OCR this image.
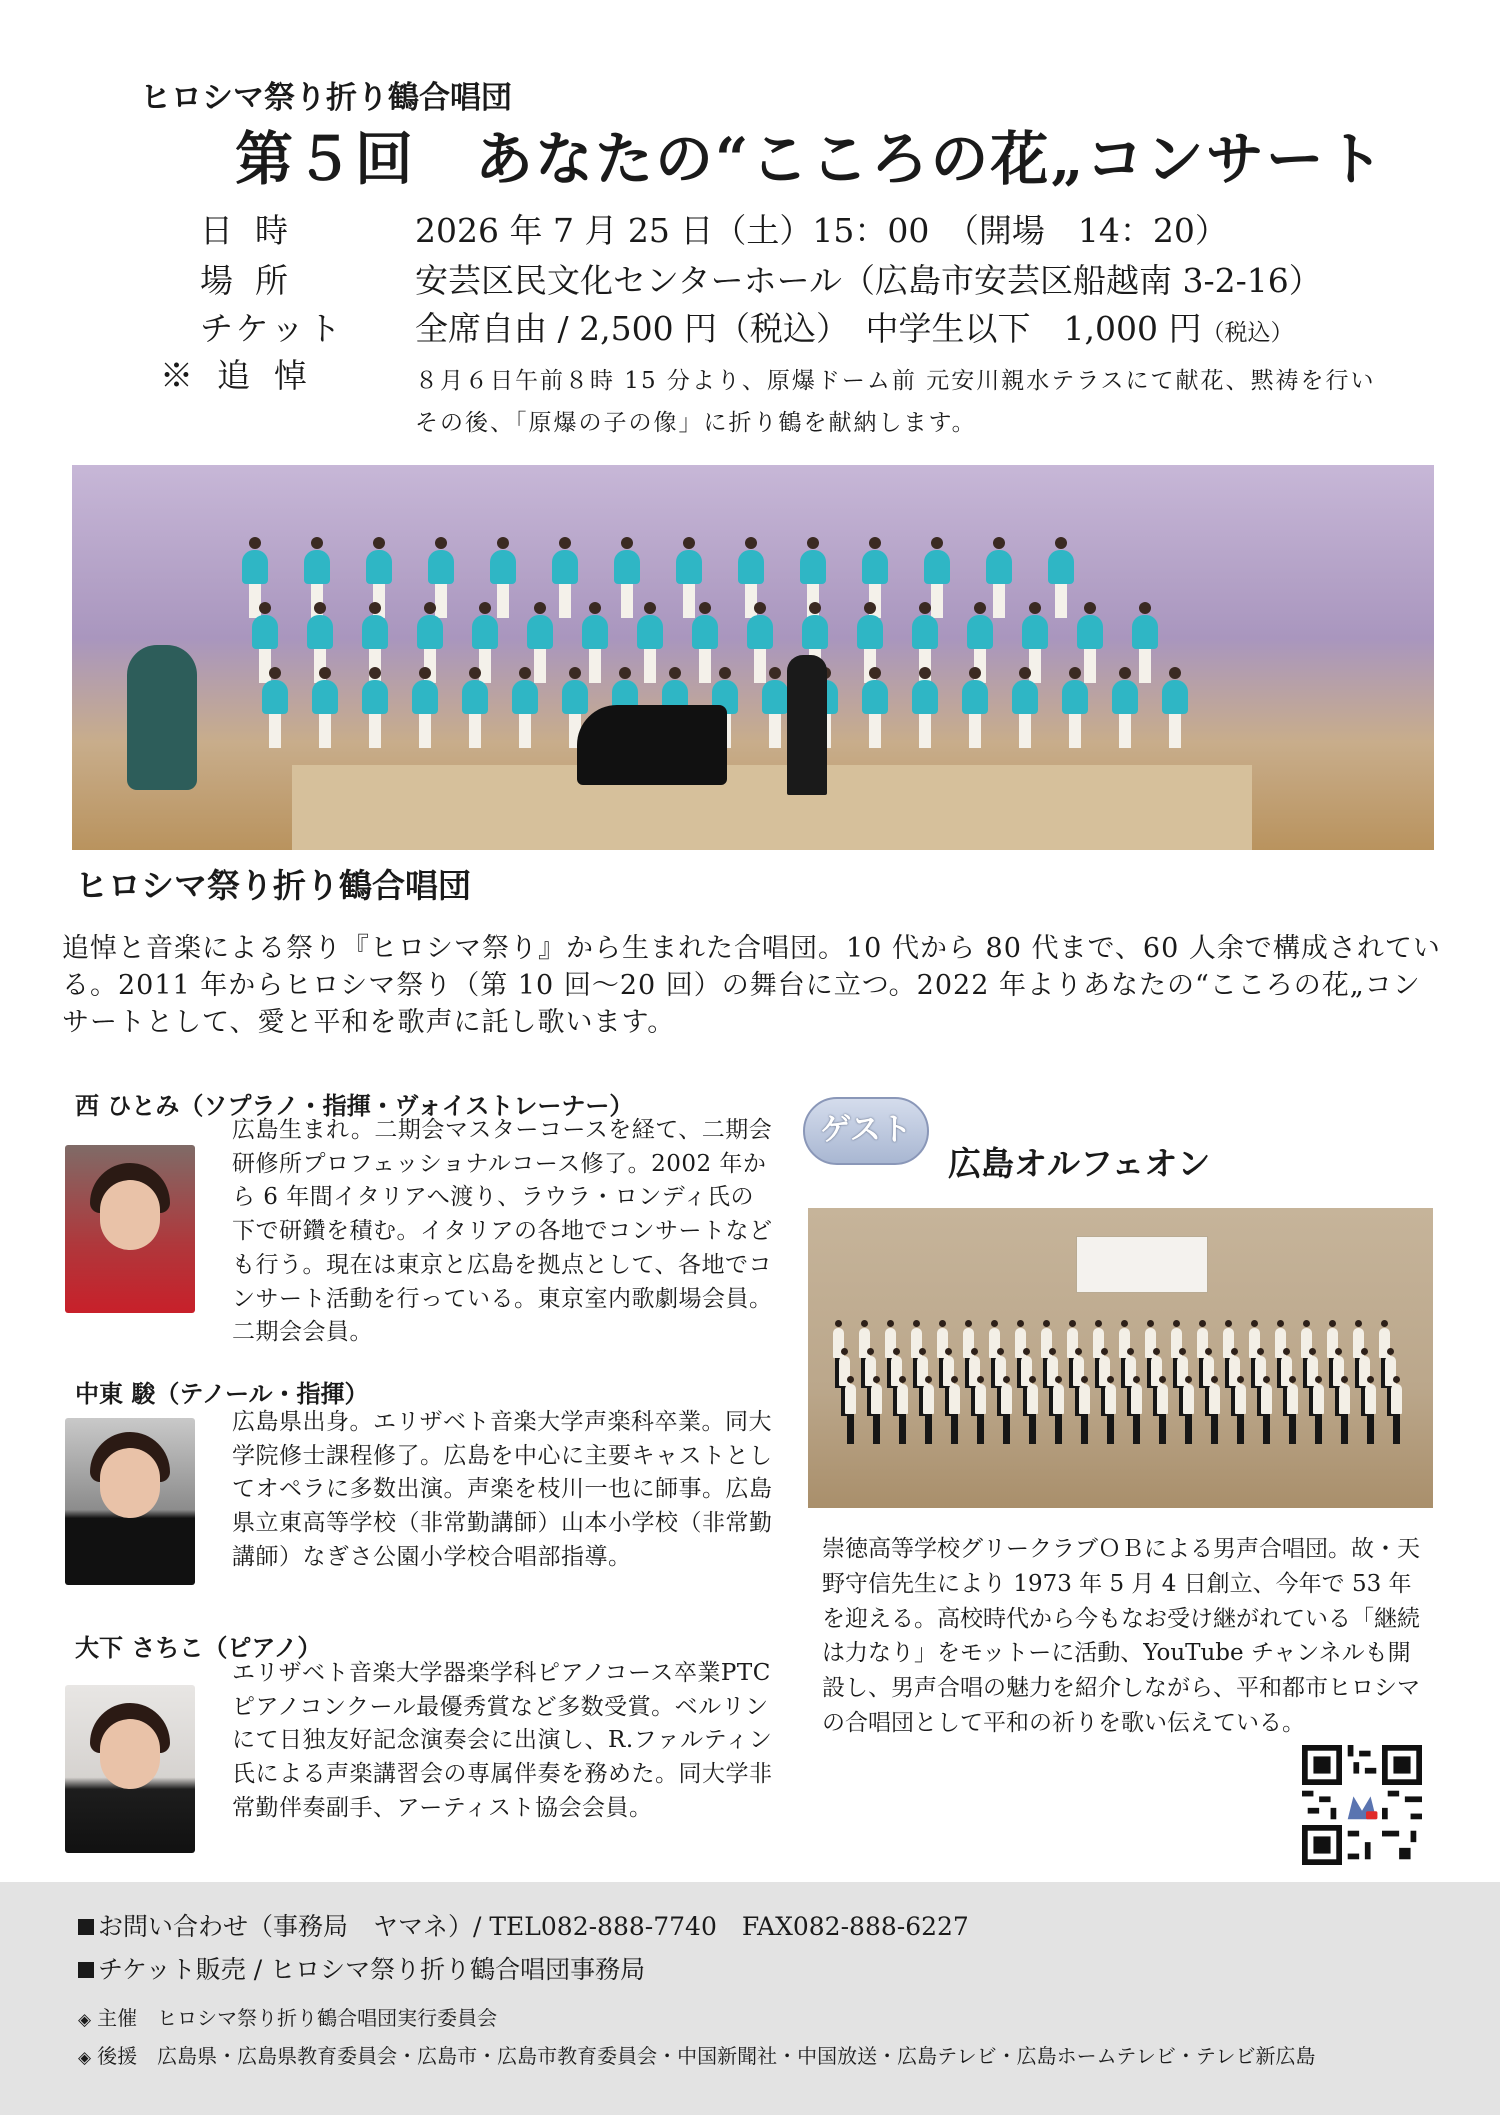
ヒロシマ祭り折り鶴合唱団
第５回　あなたの“こころの花„コンサート
日時	2026 年 7 月 25 日（土）15：00　（開場　14：20）
場所	安芸区民文化センターホール（広島市安芸区船越南 3-2-16）
チケット 全席自由 / 2,500 円（税込）　中学生以下　1,000 円（税込）
※追悼	８月６日午前８時 15 分より、原爆ドーム前 元安川親水テラスにて献花、黙祷を行い
その後、「原爆の子の像」に折り鶴を献納します。
ヒロシマ祭り折り鶴合唱団
追悼と音楽による祭り『ヒロシマ祭り』から生まれた合唱団。10 代から 80 代まで、60 人余で構成されている。2011 年からヒロシマ祭り（第 10 回～20 回）の舞台に立つ。2022 年よりあなたの“こころの花„コンサートとして、愛と平和を歌声に託し歌います。
西 ひとみ（ソプラノ・指揮・ヴォイストレーナー）
広島生まれ。二期会マスターコースを経て、二期会研修所プロフェッショナルコース修了。2002 年から 6 年間イタリアへ渡り、ラウラ・ロンディ氏の下で研鑽を積む。イタリアの各地でコンサートなども行う。現在は東京と広島を拠点として、各地でコンサート活動を行っている。東京室内歌劇場会員。二期会会員。
中東 駿（テノール・指揮）
広島県出身。エリザベト音楽大学声楽科卒業。同大学院修士課程修了。広島を中心に主要キャストとしてオペラに多数出演。声楽を枝川一也に師事。広島県立東高等学校（非常勤講師）山本小学校（非常勤講師）なぎさ公園小学校合唱部指導。
大下 さちこ（ピアノ）
エリザベト音楽大学器楽学科ピアノコース卒業PTC ピアノコンクール最優秀賞など多数受賞。ベルリンにて日独友好記念演奏会に出演し、R.ファルティン氏による声楽講習会の専属伴奏を務めた。同大学非常勤伴奏副手、アーティスト協会会員。
ゲスト
広島オルフェオン
崇徳高等学校グリークラブＯＢによる男声合唱団。故・天野守信先生により 1973 年 5 月 4 日創立、今年で 53 年を迎える。高校時代から今もなお受け継がれている「継続は力なり」をモットーに活動、YouTube チャンネルも開設し、男声合唱の魅力を紹介しながら、平和都市ヒロシマの合唱団として平和の祈りを歌い伝えている。
お問い合わせ（事務局　ヤマネ）/ TEL082-888-7740　FAX082-888-6227
チケット販売 / ヒロシマ祭り折り鶴合唱団事務局
◈ 主催　ヒロシマ祭り折り鶴合唱団実行委員会
◈ 後援　広島県・広島県教育委員会・広島市・広島市教育委員会・中国新聞社・中国放送・広島テレビ・広島ホームテレビ・テレビ新広島
